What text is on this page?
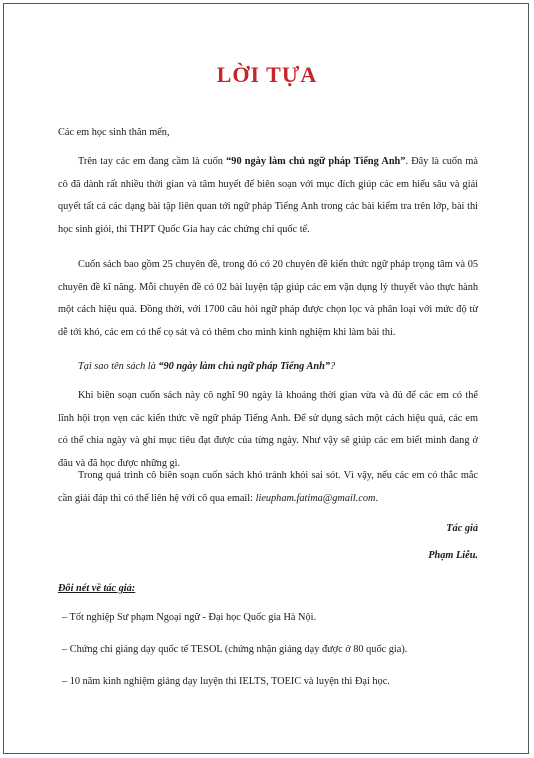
LỜI TỰA
Các em học sinh thân mến,
Trên tay các em đang cầm là cuốn “90 ngày làm chủ ngữ pháp Tiếng Anh”. Đây là cuốn mà cô đã dành rất nhiều thời gian và tâm huyết để biên soạn với mục đích giúp các em hiểu sâu và giải quyết tất cả các dạng bài tập liên quan tới ngữ pháp Tiếng Anh trong các bài kiểm tra trên lớp, bài thi học sinh giỏi, thi THPT Quốc Gia hay các chứng chỉ quốc tế.
Cuốn sách bao gồm 25 chuyên đề, trong đó có 20 chuyên đề kiến thức ngữ pháp trọng tâm và 05 chuyên đề kĩ năng. Mỗi chuyên đề có 02 bài luyện tập giúp các em vận dụng lý thuyết vào thực hành một cách hiệu quả. Đồng thời, với 1700 câu hỏi ngữ pháp được chọn lọc và phân loại với mức độ từ dễ tới khó, các em có thể cọ sát và có thêm cho mình kinh nghiệm khi làm bài thi.
Tại sao tên sách là “90 ngày làm chủ ngữ pháp Tiếng Anh”?
Khi biên soạn cuốn sách này cô nghĩ 90 ngày là khoảng thời gian vừa và đủ để các em có thể lĩnh hội trọn vẹn các kiến thức về ngữ pháp Tiếng Anh. Để sử dụng sách một cách hiệu quả, các em có thể chia ngày và ghi mục tiêu đạt được của từng ngày. Như vậy sẽ giúp các em biết mình đang ở đâu và đã học được những gì.
Trong quá trình cô biên soạn cuốn sách khó tránh khỏi sai sót. Vì vậy, nếu các em có thắc mắc cần giải đáp thì có thể liên hệ với cô qua email: lieupham.fatima@gmail.com.
Tác giả
Phạm Liễu.
Đôi nét về tác giả:
– Tốt nghiệp Sư phạm Ngoại ngữ - Đại học Quốc gia Hà Nội.
– Chứng chỉ giảng dạy quốc tế TESOL (chứng nhận giảng dạy được ở 80 quốc gia).
– 10 năm kinh nghiệm giảng dạy luyện thi IELTS, TOEIC và luyện thi Đại học.
